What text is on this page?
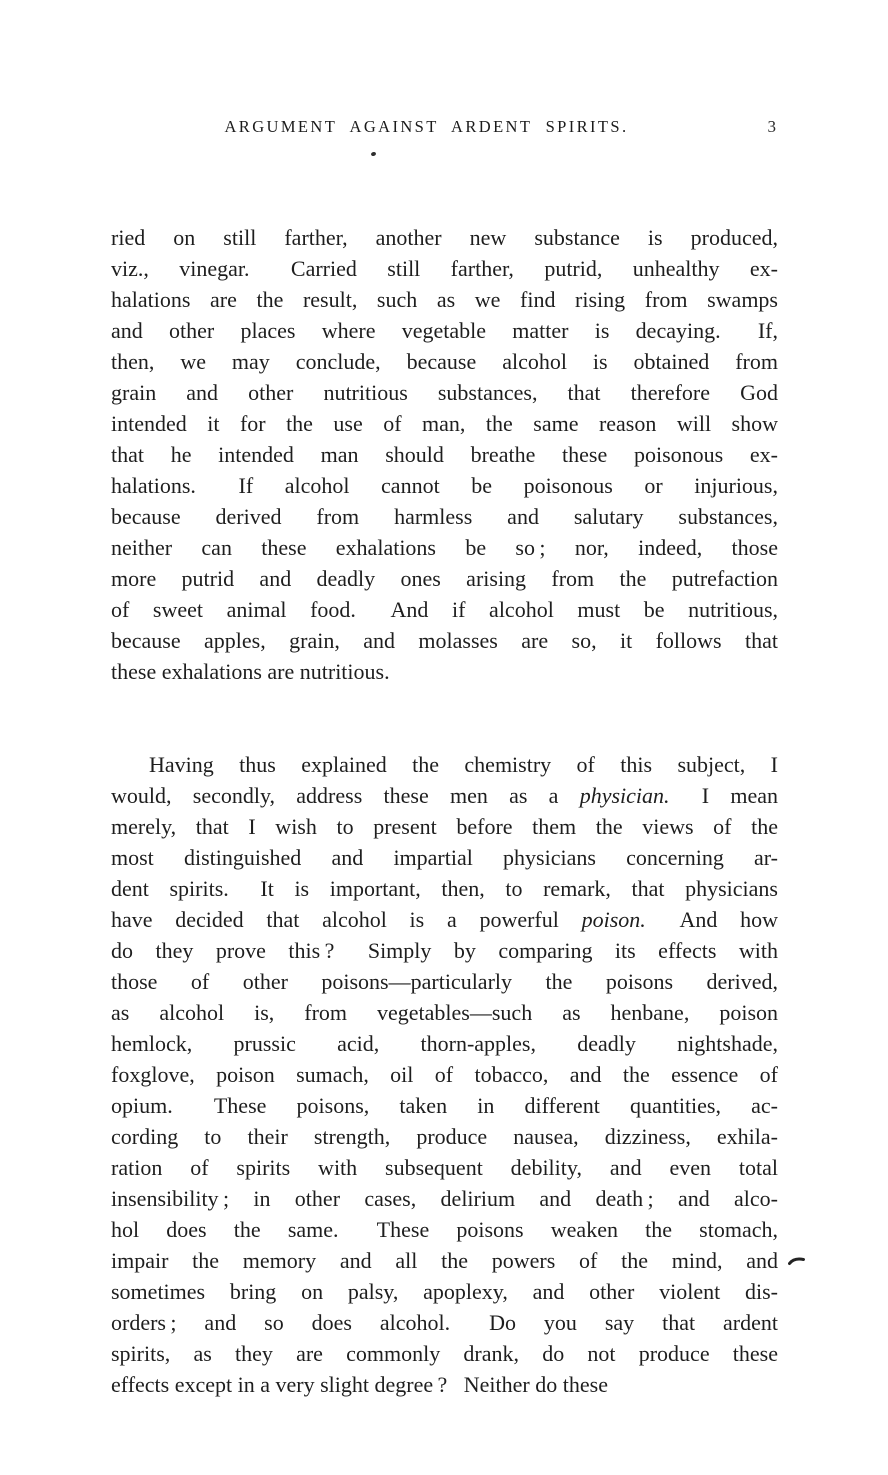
ARGUMENT AGAINST ARDENT SPIRITS.	3

ried on still farther, another new substance is produced,
viz., vinegar.  Carried still farther, putrid, unhealthy ex-
halations are the result, such as we find rising from swamps
and other places where vegetable matter is decaying.  If,
then, we may conclude, because alcohol is obtained from
grain and other nutritious substances, that therefore God
intended it for the use of man, the same reason will show
that he intended man should breathe these poisonous ex-
halations.  If alcohol cannot be poisonous or injurious,
because derived from harmless and salutary substances,
neither can these exhalations be so ; nor, indeed, those
more putrid and deadly ones arising from the putrefaction
of sweet animal food.  And if alcohol must be nutritious,
because apples, grain, and molasses are so, it follows that
these exhalations are nutritious.

Having thus explained the chemistry of this subject, I
would, secondly, address these men as a physician.  I mean
merely, that I wish to present before them the views of the
most distinguished and impartial physicians concerning ar-
dent spirits.  It is important, then, to remark, that physicians
have decided that alcohol is a powerful poison.  And how
do they prove this ?  Simply by comparing its effects with
those of other poisons—particularly the poisons derived,
as alcohol is, from vegetables—such as henbane, poison
hemlock, prussic acid, thorn-apples, deadly nightshade,
foxglove, poison sumach, oil of tobacco, and the essence of
opium.  These poisons, taken in different quantities, ac-
cording to their strength, produce nausea, dizziness, exhila-
ration of spirits with subsequent debility, and even total
insensibility ; in other cases, delirium and death ; and alco-
hol does the same.  These poisons weaken the stomach,
impair the memory and all the powers of the mind, and
sometimes bring on palsy, apoplexy, and other violent dis-
orders ; and so does alcohol.  Do you say that ardent
spirits, as they are commonly drank, do not produce these
effects except in a very slight degree ?  Neither do these
